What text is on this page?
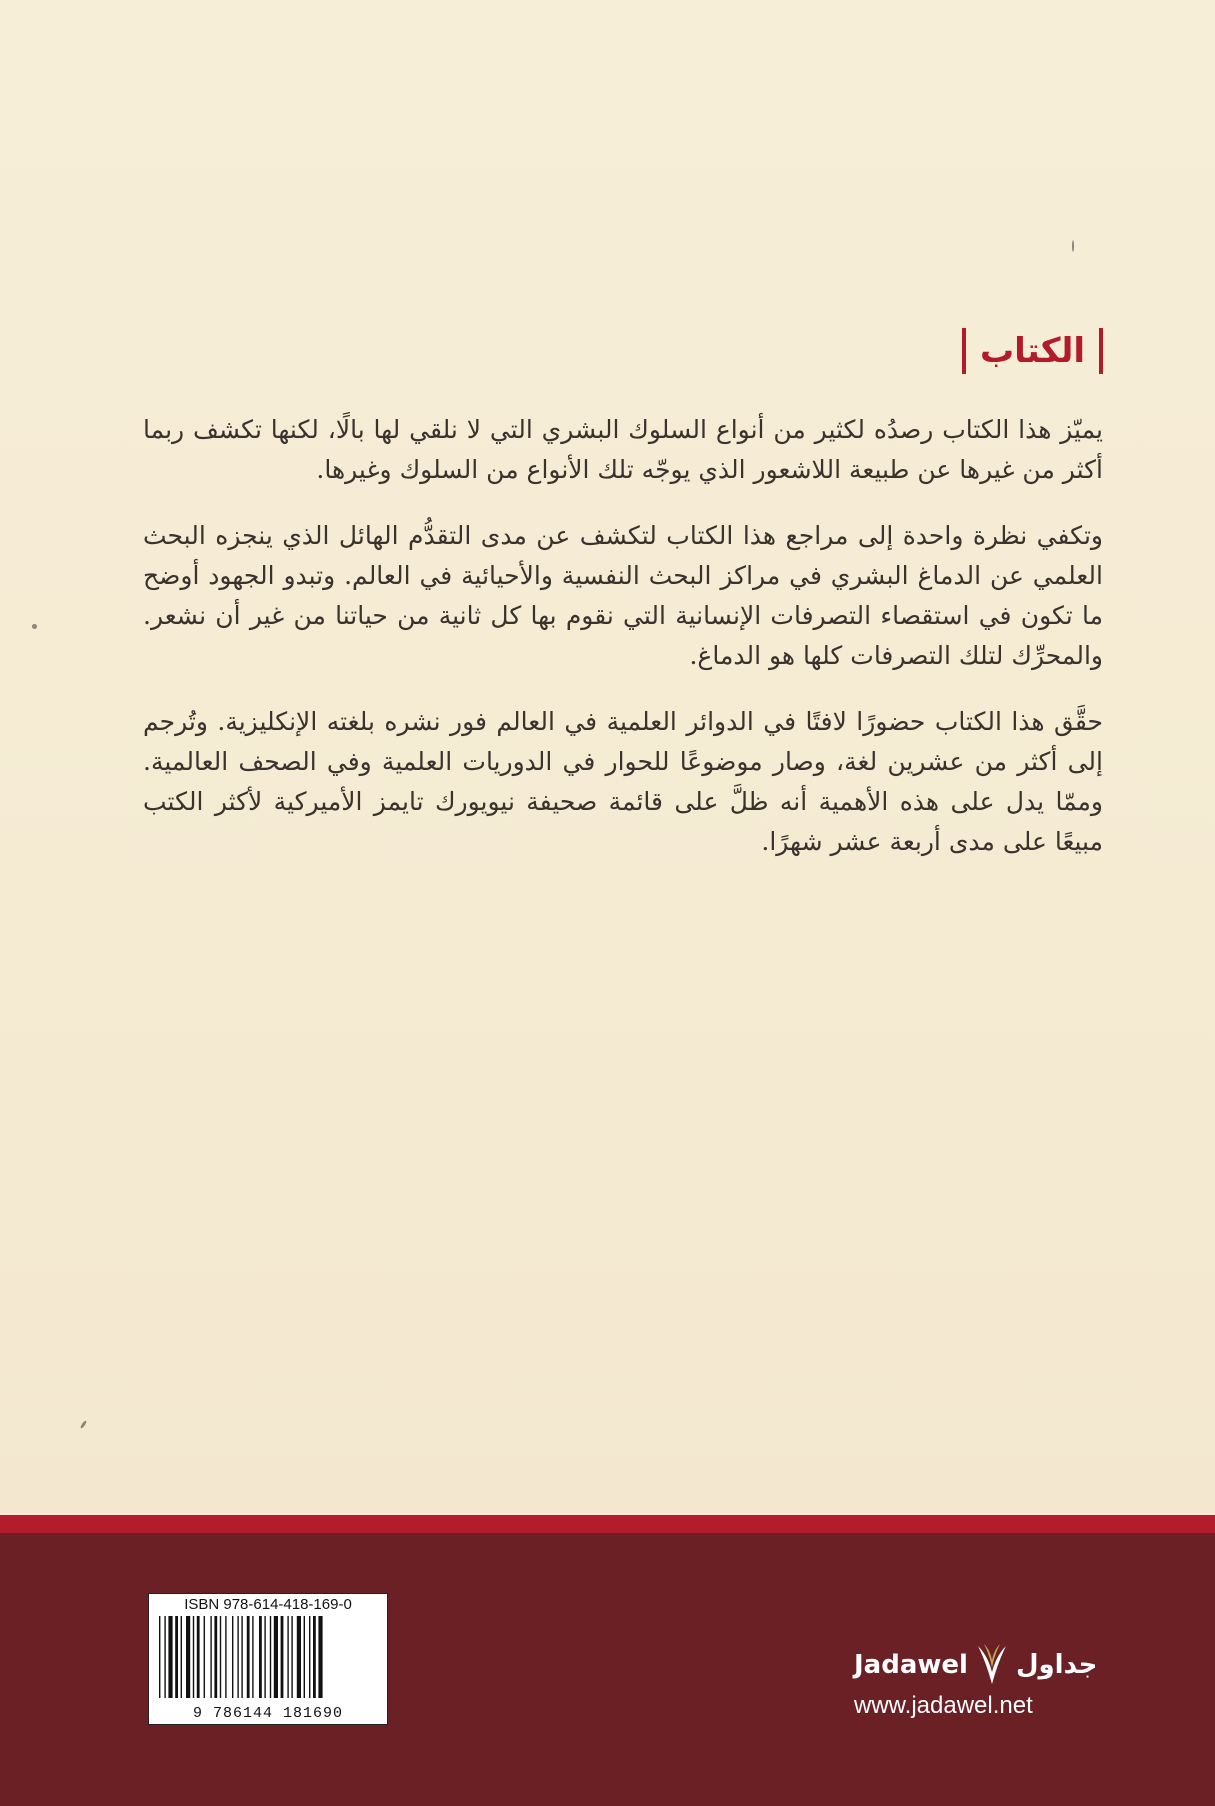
الكتاب

يميّز هذا الكتاب رصدُه لكثير من أنواع السلوك البشري التي لا نلقي لها بالًا، لكنها تكشف ربما أكثر من غيرها عن طبيعة اللاشعور الذي يوجّه تلك الأنواع من السلوك وغيرها.

وتكفي نظرة واحدة إلى مراجع هذا الكتاب لتكشف عن مدى التقدُّم الهائل الذي ينجزه البحث العلمي عن الدماغ البشري في مراكز البحث النفسية والأحيائية في العالم. وتبدو الجهود أوضح ما تكون في استقصاء التصرفات الإنسانية التي نقوم بها كل ثانية من حياتنا من غير أن نشعر. والمحرِّك لتلك التصرفات كلها هو الدماغ.

حقَّق هذا الكتاب حضورًا لافتًا في الدوائر العلمية في العالم فور نشره بلغته الإنكليزية. وتُرجم إلى أكثر من عشرين لغة، وصار موضوعًا للحوار في الدوريات العلمية وفي الصحف العالمية. وممّا يدل على هذه الأهمية أنه ظلَّ على قائمة صحيفة نيويورك تايمز الأميركية لأكثر الكتب مبيعًا على مدى أربعة عشر شهرًا.

ISBN 978-614-418-169-0
9 786144 181690
Jadawel جداول
www.jadawel.net
